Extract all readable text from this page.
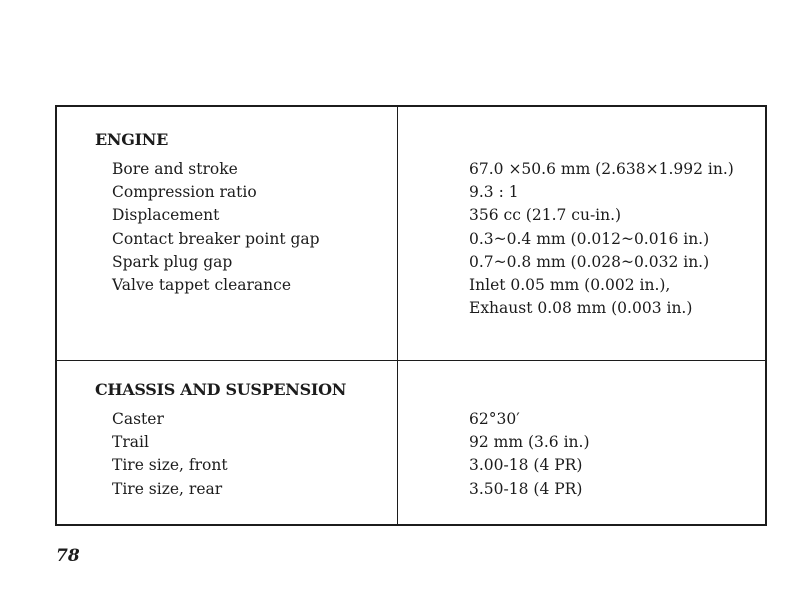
ENGINE
Bore and stroke
Compression ratio
Displacement
Contact breaker point gap
Spark plug gap
Valve tappet clearance
67.0 ×50.6 mm (2.638×1.992 in.)
9.3 : 1
356 cc (21.7 cu-in.)
0.3~0.4 mm (0.012~0.016 in.)
0.7~0.8 mm (0.028~0.032 in.)
Inlet 0.05 mm (0.002 in.),
Exhaust 0.08 mm (0.003 in.)
CHASSIS AND SUSPENSION
Caster
Trail
Tire size, front
Tire size, rear
62°30′
92 mm (3.6 in.)
3.00-18 (4 PR)
3.50-18 (4 PR)
78
